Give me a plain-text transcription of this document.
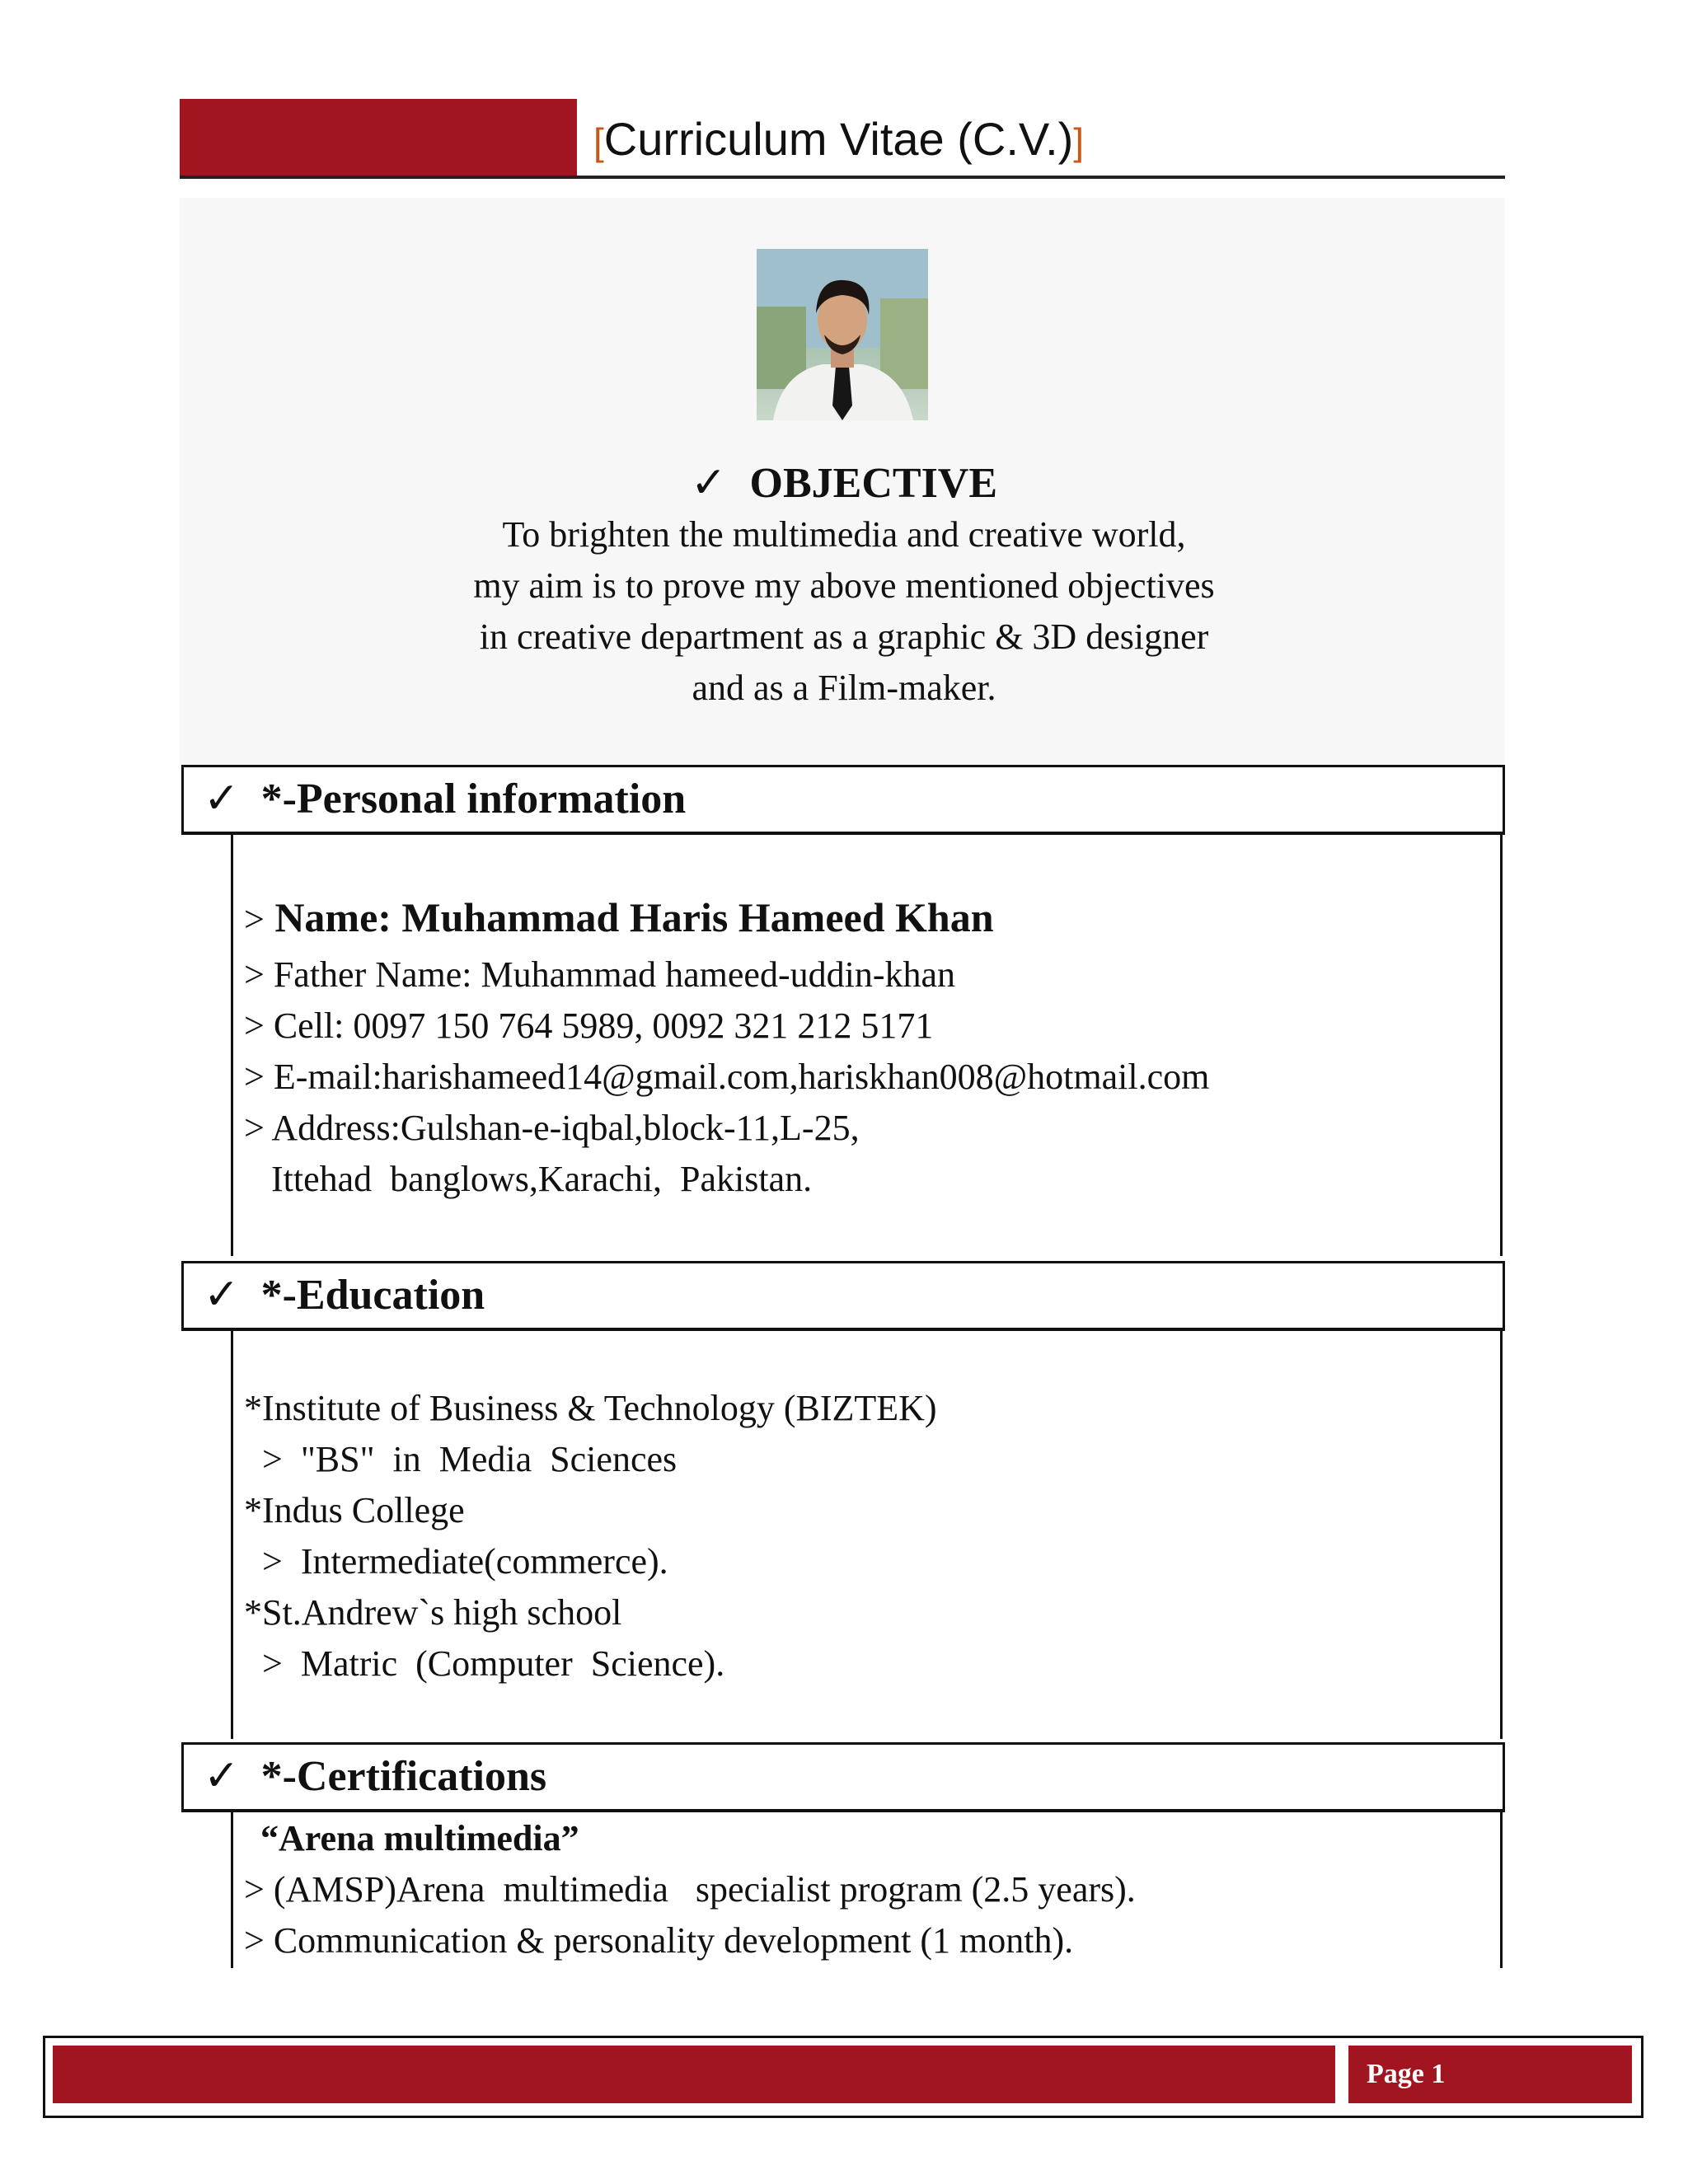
[Curriculum Vitae (C.V.)]
✓ OBJECTIVE
To brighten the multimedia and creative world,
my aim is to prove my above mentioned objectives
in creative department as a graphic & 3D designer
and as a Film-maker.
✓ *-Personal information
> Name: Muhammad Haris Hameed Khan
> Father Name: Muhammad hameed-uddin-khan
> Cell: 0097 150 764 5989, 0092 321 212 5171
> E-mail:harishameed14@gmail.com,hariskhan008@hotmail.com
> Address:Gulshan-e-iqbal,block-11,L-25,
Ittehad  banglows,Karachi,  Pakistan.
✓ *-Education
*Institute of Business & Technology (BIZTEK)
>  "BS"  in  Media  Sciences
*Indus College
>  Intermediate(commerce).
*St.Andrew`s high school
>  Matric  (Computer  Science).
✓ *-Certifications
“Arena multimedia”
> (AMSP)Arena  multimedia   specialist program (2.5 years).
> Communication & personality development (1 month).
Page 1
